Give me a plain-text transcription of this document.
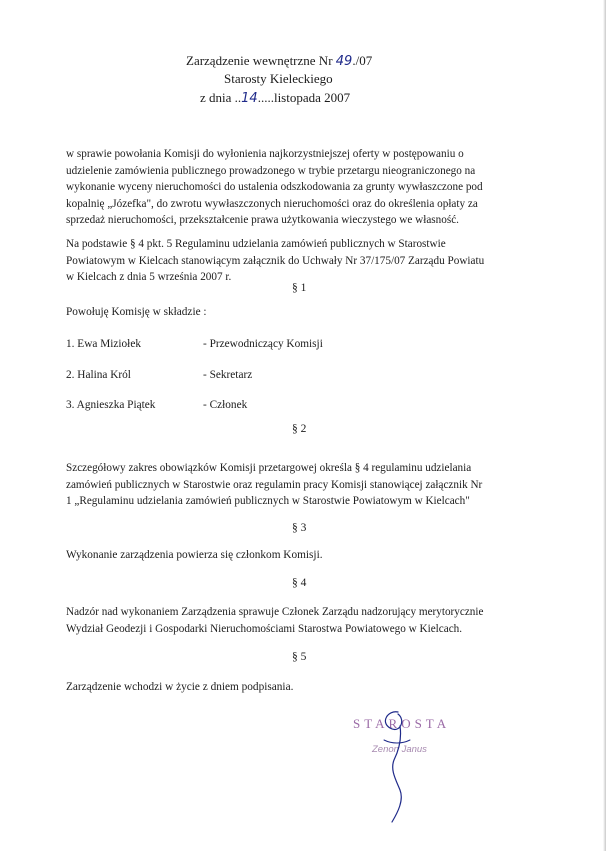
Zarządzenie wewnętrzne Nr 49./07
Starosty Kieleckiego
z dnia ..14.....listopada 2007
w sprawie powołania Komisji do wyłonienia najkorzystniejszej oferty w postępowaniu o
udzielenie zamówienia publicznego prowadzonego w trybie przetargu nieograniczonego na
wykonanie wyceny nieruchomości do ustalenia odszkodowania za grunty wywłaszczone pod
kopalnię „Józefka", do zwrotu wywłaszczonych nieruchomości oraz do określenia opłaty za
sprzedaż nieruchomości, przekształcenie prawa użytkowania wieczystego we własność.
Na podstawie § 4 pkt. 5 Regulaminu udzielania zamówień publicznych w Starostwie
Powiatowym w Kielcach stanowiącym załącznik do Uchwały Nr 37/175/07 Zarządu Powiatu
w Kielcach z dnia 5 września 2007 r.
§ 1
Powołuję Komisję w składzie :
1. Ewa Miziołek	- Przewodniczący Komisji
2. Halina Król	- Sekretarz
3. Agnieszka Piątek	- Członek
§ 2
Szczegółowy zakres obowiązków Komisji przetargowej określa § 4 regulaminu udzielania
zamówień publicznych w Starostwie oraz regulamin pracy Komisji stanowiącej załącznik Nr
1 „Regulaminu udzielania zamówień publicznych w Starostwie Powiatowym w Kielcach"
§ 3
Wykonanie zarządzenia powierza się członkom Komisji.
§ 4
Nadzór nad wykonaniem Zarządzenia sprawuje Członek Zarządu nadzorujący merytorycznie
Wydział Geodezji i Gospodarki Nieruchomościami Starostwa Powiatowego w Kielcach.
§ 5
Zarządzenie wchodzi w życie z dniem podpisania.
STAROSTA
Zenon Janus
